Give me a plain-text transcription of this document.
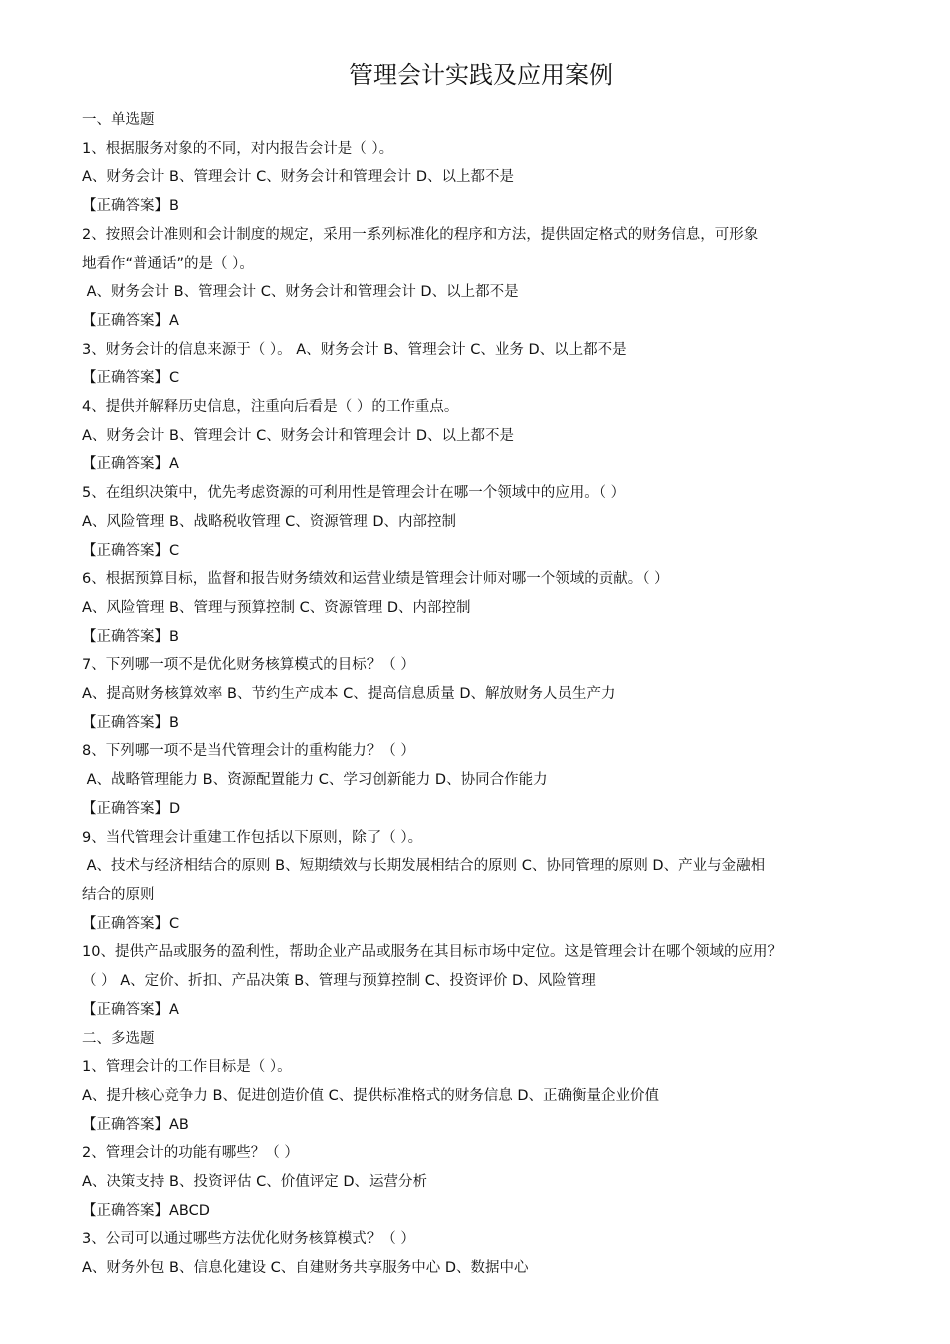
管理会计实践及应用案例
一、单选题
1、根据服务对象的不同，对内报告会计是（ ）。
A、财务会计 B、管理会计 C、财务会计和管理会计 D、以上都不是
【正确答案】B
2、按照会计准则和会计制度的规定，采用一系列标准化的程序和方法，提供固定格式的财务信息，可形象
地看作“普通话”的是（ ）。
A、财务会计 B、管理会计 C、财务会计和管理会计 D、以上都不是
【正确答案】A
3、财务会计的信息来源于（ ）。 A、财务会计 B、管理会计 C、业务 D、以上都不是
【正确答案】C
4、提供并解释历史信息，注重向后看是（ ）的工作重点。
A、财务会计 B、管理会计 C、财务会计和管理会计 D、以上都不是
【正确答案】A
5、在组织决策中，优先考虑资源的可利用性是管理会计在哪一个领域中的应用。（ ）
A、风险管理 B、战略税收管理 C、资源管理 D、内部控制
【正确答案】C
6、根据预算目标，监督和报告财务绩效和运营业绩是管理会计师对哪一个领域的贡献。（ ）
A、风险管理 B、管理与预算控制 C、资源管理 D、内部控制
【正确答案】B
7、下列哪一项不是优化财务核算模式的目标？（ ）
A、提高财务核算效率 B、节约生产成本 C、提高信息质量 D、解放财务人员生产力
【正确答案】B
8、下列哪一项不是当代管理会计的重构能力？（ ）
A、战略管理能力 B、资源配置能力 C、学习创新能力 D、协同合作能力
【正确答案】D
9、当代管理会计重建工作包括以下原则，除了（ ）。
A、技术与经济相结合的原则 B、短期绩效与长期发展相结合的原则 C、协同管理的原则 D、产业与金融相
结合的原则
【正确答案】C
10、提供产品或服务的盈利性，帮助企业产品或服务在其目标市场中定位。这是管理会计在哪个领域的应用？
（ ） A、定价、折扣、产品决策 B、管理与预算控制 C、投资评价 D、风险管理
【正确答案】A
二、多选题
1、管理会计的工作目标是（ ）。
A、提升核心竞争力 B、促进创造价值 C、提供标准格式的财务信息 D、正确衡量企业价值
【正确答案】AB
2、管理会计的功能有哪些？（ ）
A、决策支持 B、投资评估 C、价值评定 D、运营分析
【正确答案】ABCD
3、公司可以通过哪些方法优化财务核算模式？（ ）
A、财务外包 B、信息化建设 C、自建财务共享服务中心 D、数据中心
